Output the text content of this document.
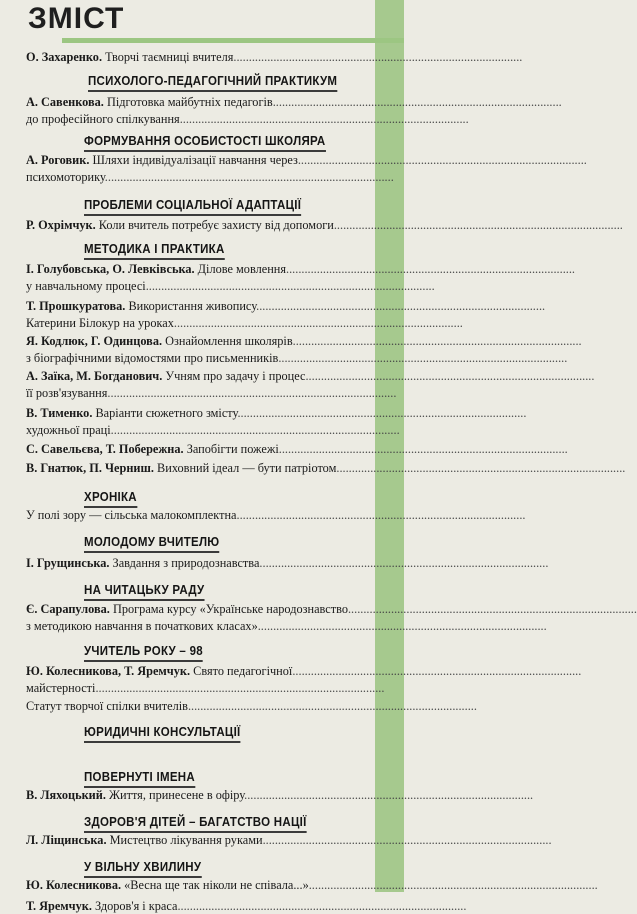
ЗМІСТ
О. Захаренко. Творчі таємниці вчителя..............................................................................................
ПСИХОЛОГО-ПЕДАГОГІЧНИЙ ПРАКТИКУМ
А. Савенкова. Підготовка майбутніх педагогів..............................................................................................
до професійного спілкування..............................................................................................
ФОРМУВАННЯ ОСОБИСТОСТІ ШКОЛЯРА
А. Роговик. Шляхи індивідуалізації навчання через..............................................................................................
психомоторику..............................................................................................
ПРОБЛЕМИ СОЦІАЛЬНОЇ АДАПТАЦІЇ
Р. Охрімчук. Коли вчитель потребує захисту від допомоги..............................................................................................
МЕТОДИКА І ПРАКТИКА
І. Голубовська, О. Левківська. Ділове мовлення..............................................................................................
у навчальному процесі..............................................................................................
Т. Прошкуратова. Використання живопису..............................................................................................
Катерини Білокур на уроках..............................................................................................
Я. Кодлюк, Г. Одинцова. Ознайомлення школярів..............................................................................................
з біографічними відомостями про письменників..............................................................................................
А. Заїка, М. Богданович. Учням про задачу і процес..............................................................................................
її розв'язування..............................................................................................
В. Тименко. Варіанти сюжетного змісту..............................................................................................
художньої праці..............................................................................................
С. Савельєва, Т. Побережна. Запобігти пожежі..............................................................................................
В. Гнатюк, П. Черниш. Виховний ідеал — бути патріотом..............................................................................................
ХРОНІКА
У полі зору — сільська малокомплектна..............................................................................................
МОЛОДОМУ ВЧИТЕЛЮ
І. Грущинська. Завдання з природознавства..............................................................................................
НА ЧИТАЦЬКУ РАДУ
Є. Сарапулова. Програма курсу «Українське народознавство..............................................................................................
з методикою навчання в початкових класах»..............................................................................................
УЧИТЕЛЬ РОКУ – 98
Ю. Колесникова, Т. Яремчук. Свято педагогічної..............................................................................................
майстерності..............................................................................................
Статут творчої спілки вчителів..............................................................................................
ЮРИДИЧНІ КОНСУЛЬТАЦІЇ
ПОВЕРНУТІ ІМЕНА
В. Ляхоцький. Життя, принесене в офіру..............................................................................................
ЗДОРОВ'Я ДІТЕЙ – БАГАТСТВО НАЦІЇ
Л. Ліщинська. Мистецтво лікування руками..............................................................................................
У ВІЛЬНУ ХВИЛИНУ
Ю. Колесникова. «Весна ще так ніколи не співала...»..............................................................................................
Т. Яремчук. Здоров'я і краса..............................................................................................
